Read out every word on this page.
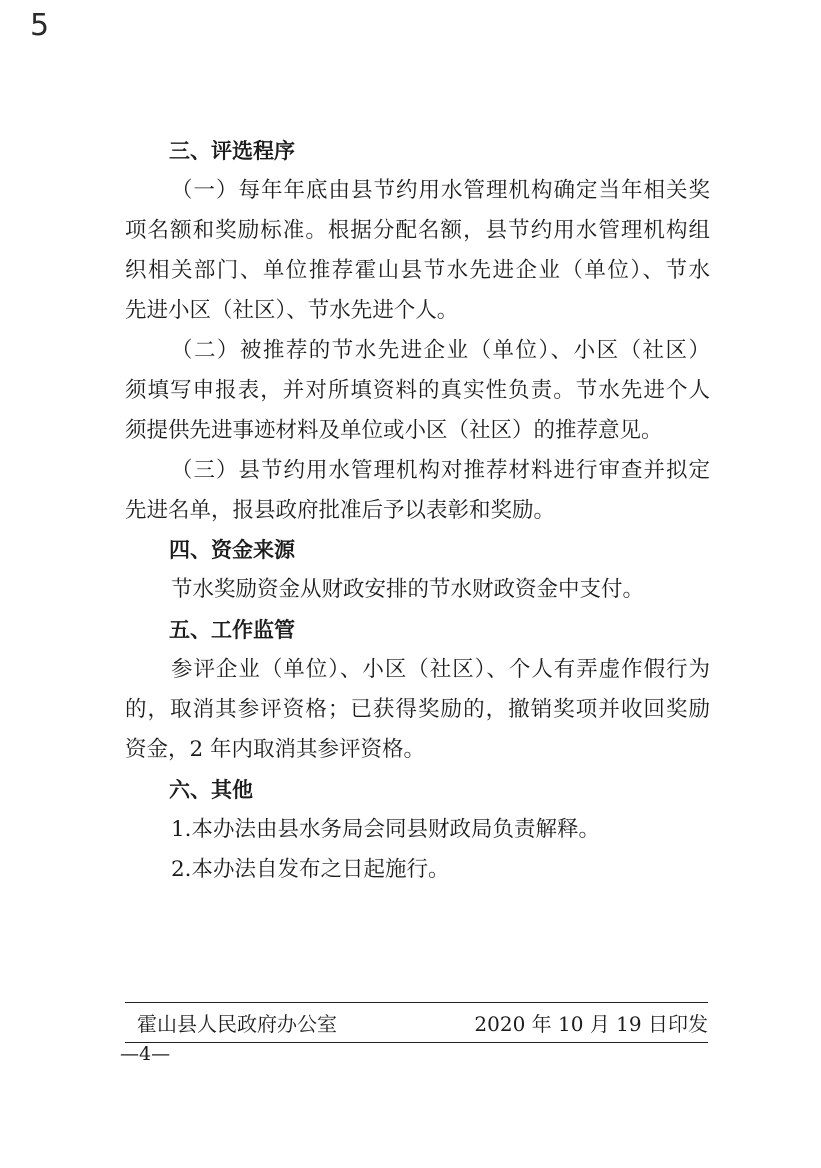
5
三、评选程序
（一）每年年底由县节约用水管理机构确定当年相关奖
项名额和奖励标准。根据分配名额，县节约用水管理机构组
织相关部门、单位推荐霍山县节水先进企业（单位）、节水
先进小区（社区）、节水先进个人。
（二）被推荐的节水先进企业（单位）、小区（社区）
须填写申报表，并对所填资料的真实性负责。节水先进个人
须提供先进事迹材料及单位或小区（社区）的推荐意见。
（三）县节约用水管理机构对推荐材料进行审查并拟定
先进名单，报县政府批准后予以表彰和奖励。
四、资金来源
节水奖励资金从财政安排的节水财政资金中支付。
五、工作监管
参评企业（单位）、小区（社区）、个人有弄虚作假行为
的，取消其参评资格；已获得奖励的，撤销奖项并收回奖励
资金，2 年内取消其参评资格。
六、其他
1.本办法由县水务局会同县财政局负责解释。
2.本办法自发布之日起施行。
霍山县人民政府办公室	2020 年 10 月 19 日印发
—4—
